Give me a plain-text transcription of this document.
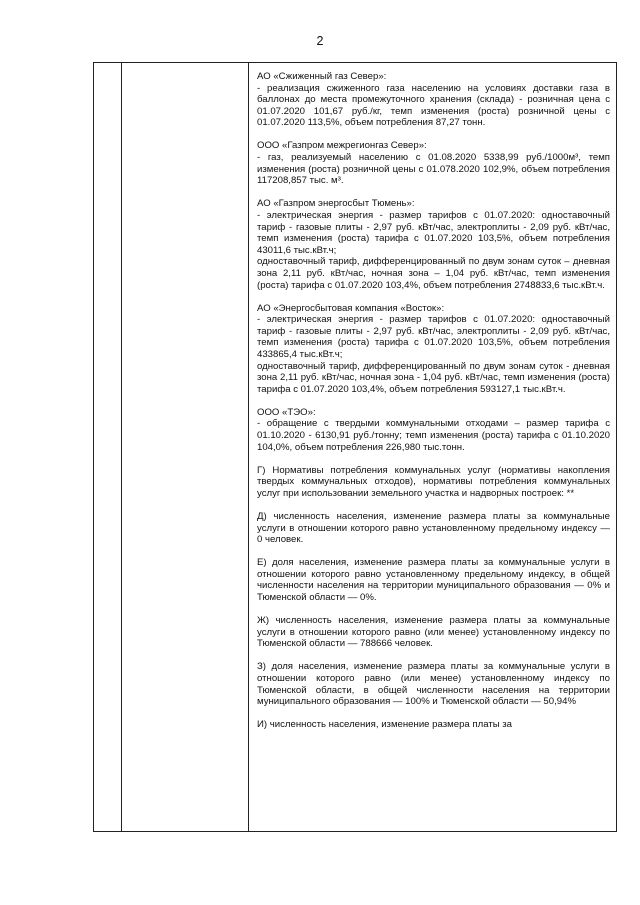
2

АО «Сжиженный газ Север»:

- реализация сжиженного газа населению на условиях доставки газа в баллонах до места промежуточного хранения (склада) - розничная цена с 01.07.2020 101,67 руб./кг, темп изменения (роста) розничной цены с 01.07.2020 113,5%, объем потребления 87,27 тонн.

ООО «Газпром межрегионгаз Север»:

- газ, реализуемый населению с 01.08.2020 5338,99 руб./1000м³, темп изменения (роста) розничной цены с 01.078.2020 102,9%, объем потребления 117208,857 тыс. м³.

АО «Газпром энергосбыт Тюмень»:

- электрическая энергия - размер тарифов с 01.07.2020: одноставочный тариф - газовые плиты - 2,97 руб. кВт/час, электроплиты - 2,09 руб. кВт/час, темп изменения (роста) тарифа с 01.07.2020 103,5%, объем потребления 43011,6 тыс.кВт.ч;

одноставочный тариф, дифференцированный по двум зонам суток – дневная зона 2,11 руб. кВт/час, ночная зона – 1,04 руб. кВт/час, темп изменения (роста) тарифа с 01.07.2020 103,4%, объем потребления 2748833,6 тыс.кВт.ч.

АО «Энергосбытовая компания «Восток»:

- электрическая энергия - размер тарифов с 01.07.2020: одноставочный тариф - газовые плиты - 2,97 руб. кВт/час, электроплиты - 2,09 руб. кВт/час, темп изменения (роста) тарифа с 01.07.2020 103,5%, объем потребления 433865,4 тыс.кВт.ч;

одноставочный тариф, дифференцированный по двум зонам суток - дневная зона 2,11 руб. кВт/час, ночная зона - 1,04 руб. кВт/час, темп изменения (роста) тарифа с 01.07.2020 103,4%, объем потребления 593127,1 тыс.кВт.ч.

ООО «ТЭО»:

- обращение с твердыми коммунальными отходами – размер тарифа с 01.10.2020 - 6130,91 руб./тонну; темп изменения (роста) тарифа с 01.10.2020 104,0%, объем потребления 226,980 тыс.тонн.

Г) Нормативы потребления коммунальных услуг (нормативы накопления твердых коммунальных отходов), нормативы потребления коммунальных услуг при использовании земельного участка и надворных построек: **

Д) численность населения, изменение размера платы за коммунальные услуги в отношении которого равно установленному предельному индексу — 0 человек.

Е) доля населения, изменение размера платы за коммунальные услуги в отношении которого равно установленному предельному индексу, в общей численности населения на территории муниципального образования — 0% и Тюменской области — 0%.

Ж) численность населения, изменение размера платы за коммунальные услуги в отношении которого равно (или менее) установленному индексу по Тюменской области — 788666 человек.

З) доля населения, изменение размера платы за коммунальные услуги в отношении которого равно (или менее) установленному индексу по Тюменской области, в общей численности населения на территории муниципального образования — 100% и Тюменской области — 50,94%

И) численность населения, изменение размера платы за
